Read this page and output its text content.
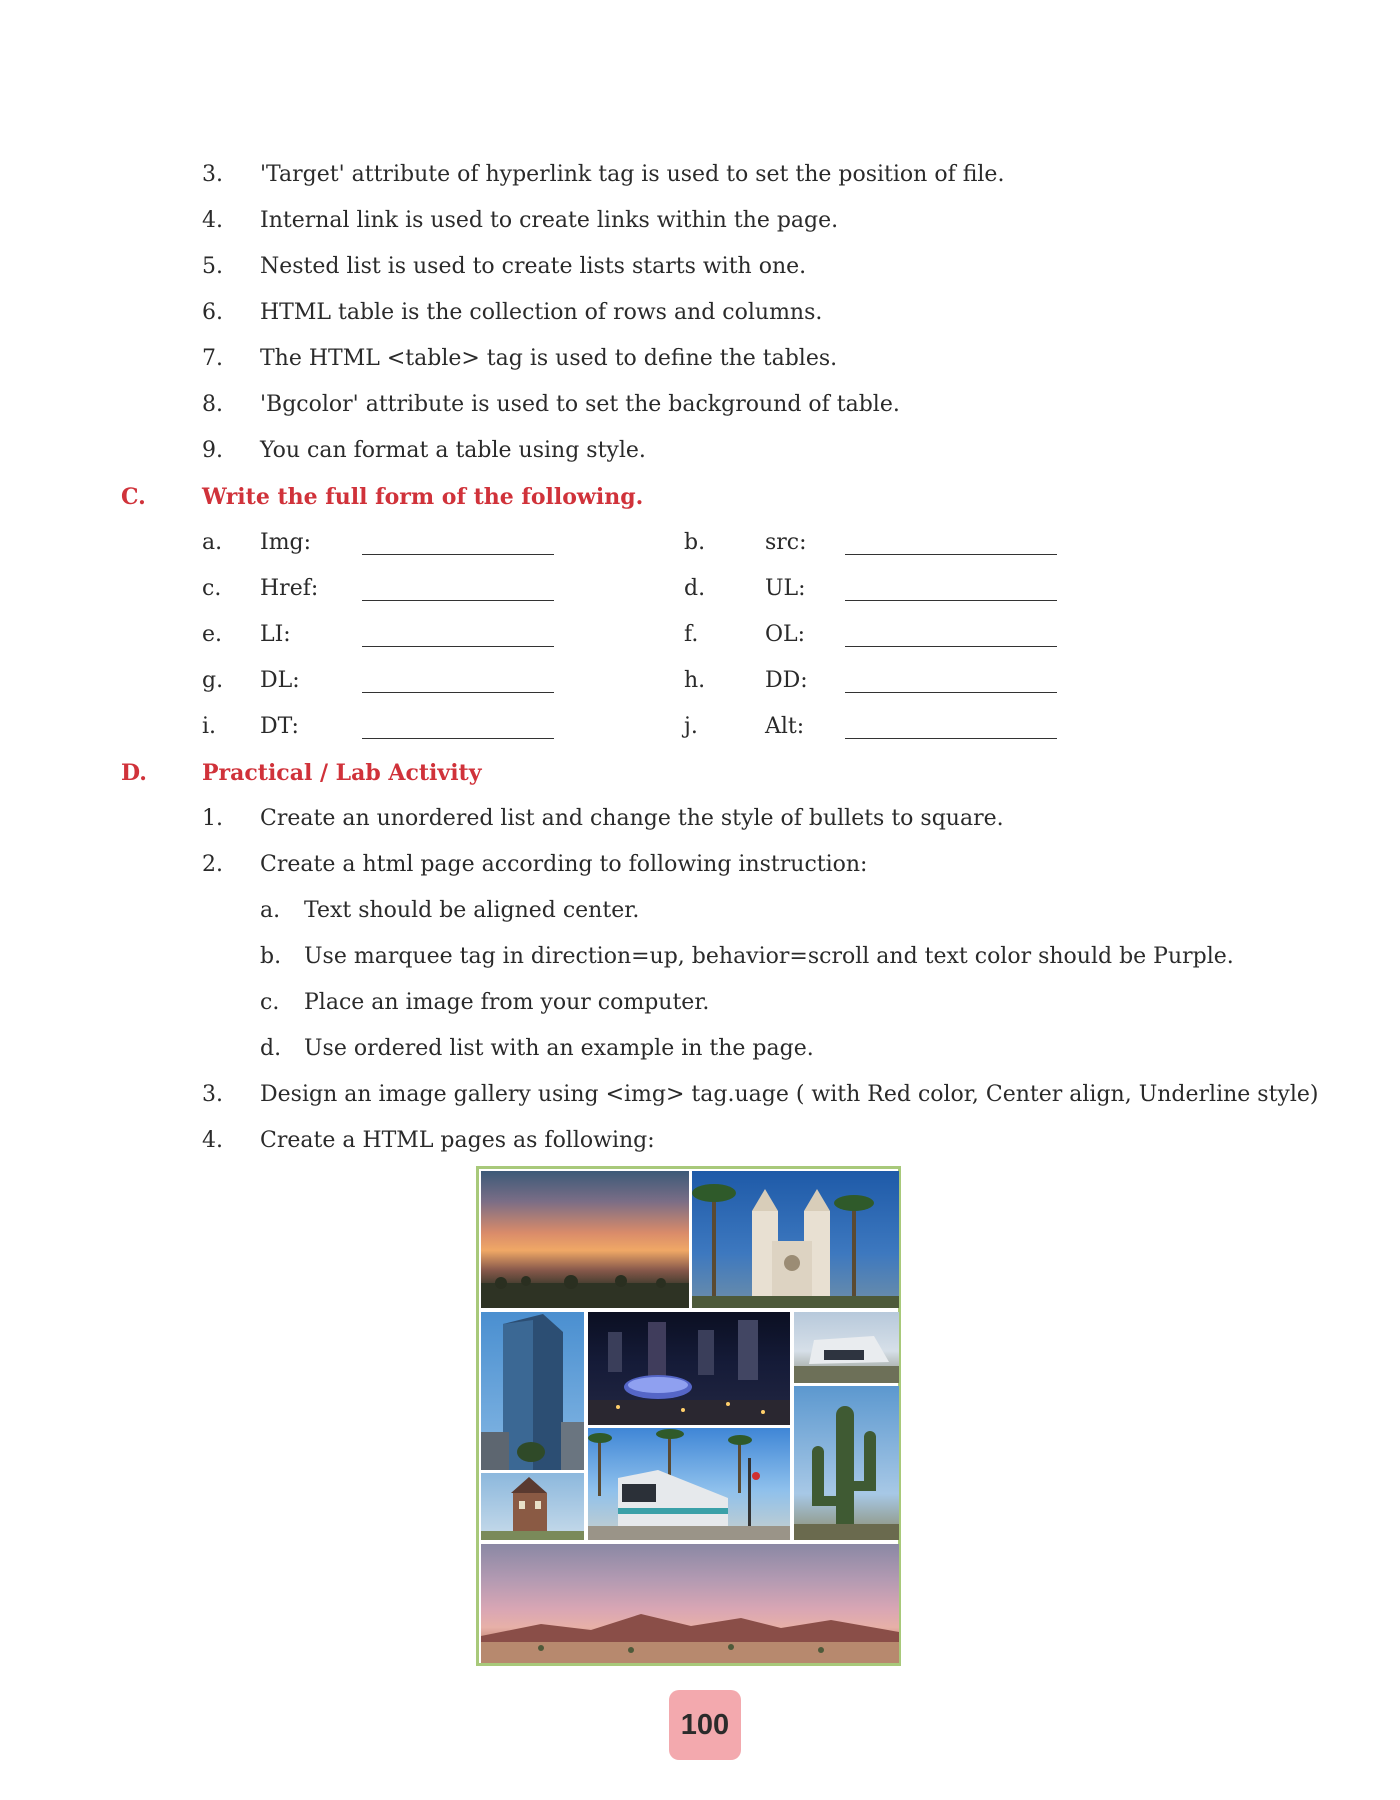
3.	'Target' attribute of hyperlink tag is used to set the position of file.
4.	Internal link is used to create links within the page.
5.	Nested list is used to create lists starts with one.
6.	HTML table is the collection of rows and columns.
7.	The HTML <table> tag is used to define the tables.
8.	'Bgcolor' attribute is used to set the background of table.
9.	You can format a table using style.
C.	Write the full form of the following.
a. Img:	b.	src:
c. Href:	d.	UL:
e. LI:	f.	OL:
g. DL:	h.	DD:
i. DT:	j.	Alt:
D.	Practical / Lab Activity
1.	Create an unordered list and change the style of bullets to square.
2.	Create a html page according to following instruction:
a. Text should be aligned center.
b. Use marquee tag in direction=up, behavior=scroll and text color should be Purple.
c. Place an image from your computer.
d. Use ordered list with an example in the page.
3.	Design an image gallery using <img> tag.uage ( with Red color, Center align, Underline style)
4.	Create a HTML pages as following:
100
